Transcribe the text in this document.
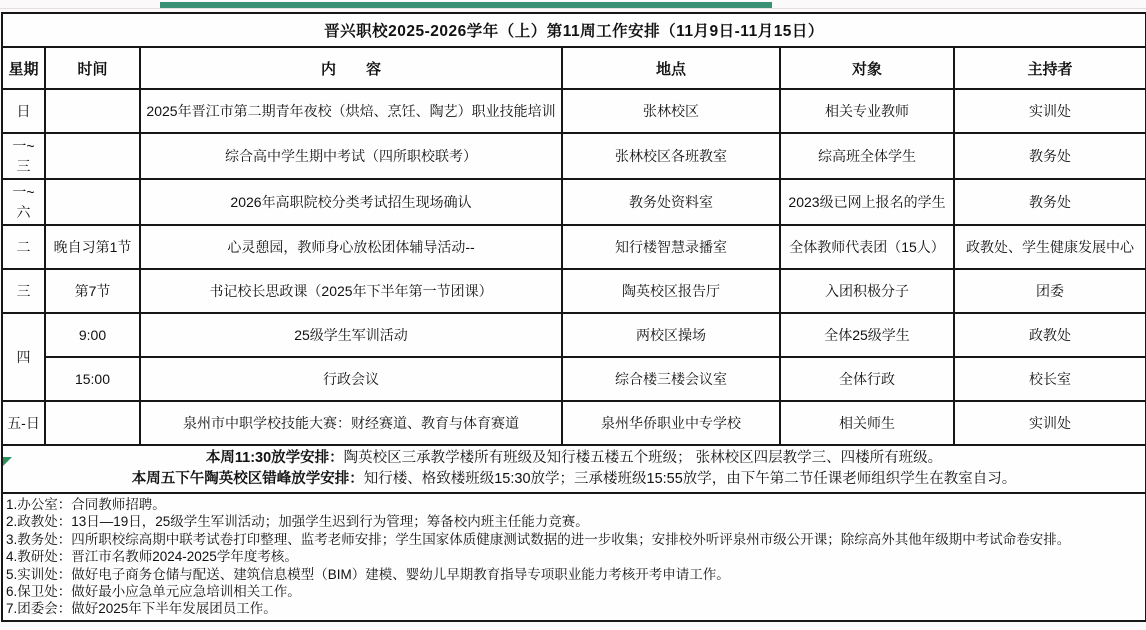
晋兴职校2025-2026学年（上）第11周工作安排（11月9日-11月15日）					
星期	时间	内　　容	地点	对象	主持者
日		2025年晋江市第二期青年夜校（烘焙、烹饪、陶艺）职业技能培训	张林校区	相关专业教师	实训处
一~三		综合高中学生期中考试（四所职校联考）	张林校区各班教室	综高班全体学生	教务处
一~六		2026年高职院校分类考试招生现场确认	教务处资料室	2023级已网上报名的学生	教务处
二	晚自习第1节	心灵憩园，教师身心放松团体辅导活动--	知行楼智慧录播室	全体教师代表团（15人）	政教处、学生健康发展中心
三	第7节	书记校长思政课（2025年下半年第一节团课）	陶英校区报告厅	入团积极分子	团委
四	9:00	25级学生军训活动	两校区操场	全体25级学生	政教处
	15:00	行政会议	综合楼三楼会议室	全体行政	校长室
五-日		泉州市中职学校技能大赛：财经赛道、教育与体育赛道	泉州华侨职业中专学校	相关师生	实训处

本周11:30放学安排：陶英校区三承教学楼所有班级及知行楼五楼五个班级； 张林校区四层教学三、四楼所有班级。
本周五下午陶英校区错峰放学安排：知行楼、格致楼班级15:30放学；三承楼班级15:55放学，由下午第二节任课老师组织学生在教室自习。					

1.办公室：合同教师招聘。
2.政教处：13日—19日，25级学生军训活动；加强学生迟到行为管理；筹备校内班主任能力竞赛。
3.教务处：四所职校综高期中联考试卷打印整理、监考老师安排；学生国家体质健康测试数据的进一步收集；安排校外听评泉州市级公开课；除综高外其他年级期中考试命卷安排。
4.教研处：晋江市名教师2024-2025学年度考核。
5.实训处：做好电子商务仓储与配送、建筑信息模型（BIM）建模、婴幼儿早期教育指导专项职业能力考核开考申请工作。
6.保卫处：做好最小应急单元应急培训相关工作。
7.团委会：做好2025年下半年发展团员工作。
